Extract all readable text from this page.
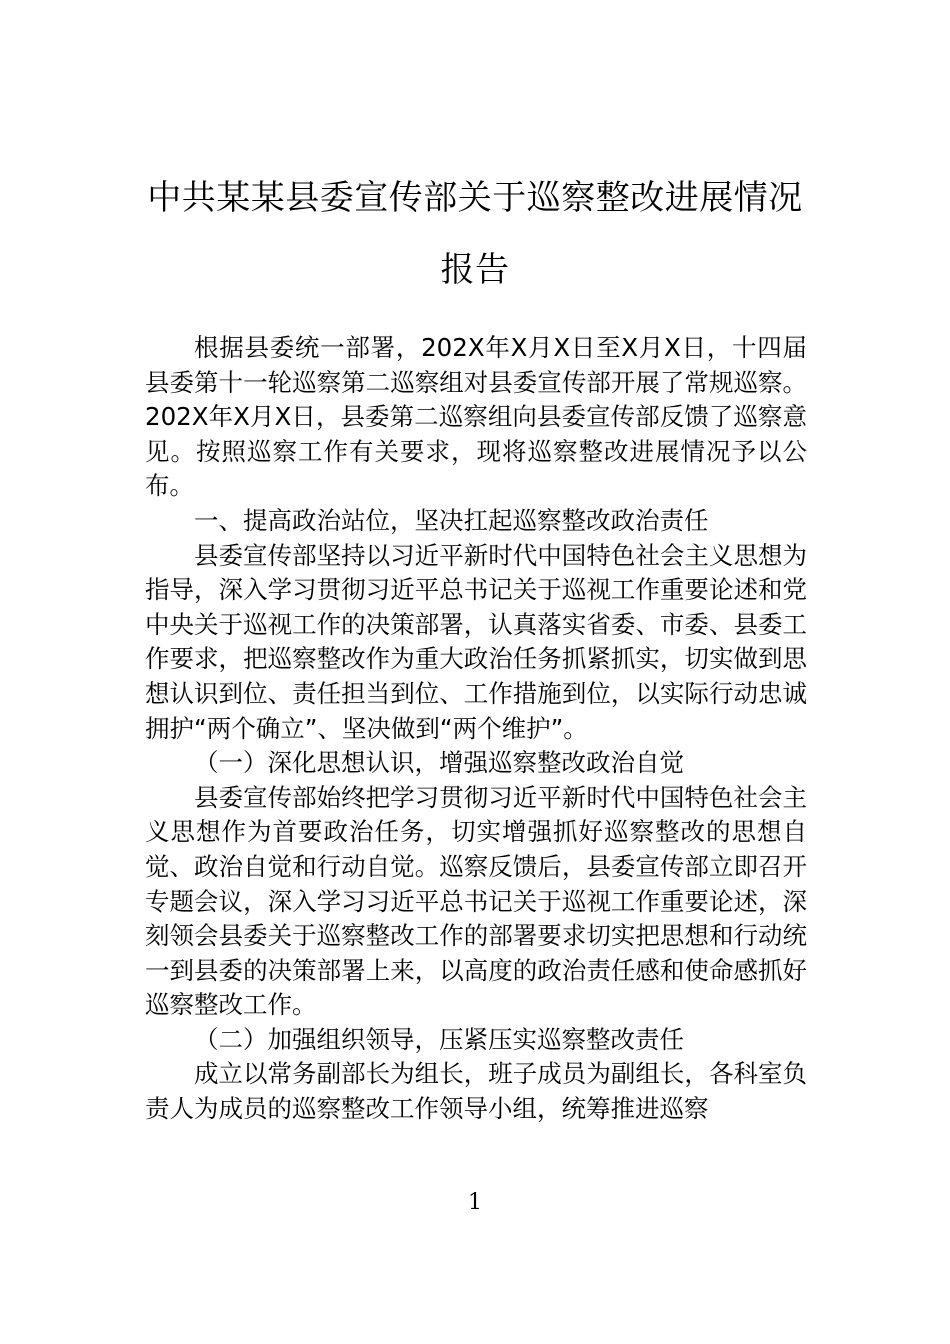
中共某某县委宣传部关于巡察整改进展情况报告

根据县委统一部署，202X年X月X日至X月X日，十四届县委第十一轮巡察第二巡察组对县委宣传部开展了常规巡察。202X年X月X日，县委第二巡察组向县委宣传部反馈了巡察意见。按照巡察工作有关要求，现将巡察整改进展情况予以公布。

一、提高政治站位，坚决扛起巡察整改政治责任

县委宣传部坚持以习近平新时代中国特色社会主义思想为指导，深入学习贯彻习近平总书记关于巡视工作重要论述和党中央关于巡视工作的决策部署，认真落实省委、市委、县委工作要求，把巡察整改作为重大政治任务抓紧抓实，切实做到思想认识到位、责任担当到位、工作措施到位，以实际行动忠诚拥护“两个确立”、坚决做到“两个维护”。

（一）深化思想认识，增强巡察整改政治自觉

县委宣传部始终把学习贯彻习近平新时代中国特色社会主义思想作为首要政治任务，切实增强抓好巡察整改的思想自觉、政治自觉和行动自觉。巡察反馈后，县委宣传部立即召开专题会议，深入学习习近平总书记关于巡视工作重要论述，深刻领会县委关于巡察整改工作的部署要求切实把思想和行动统一到县委的决策部署上来，以高度的政治责任感和使命感抓好巡察整改工作。

（二）加强组织领导，压紧压实巡察整改责任

成立以常务副部长为组长，班子成员为副组长，各科室负责人为成员的巡察整改工作领导小组，统筹推进巡察

1
